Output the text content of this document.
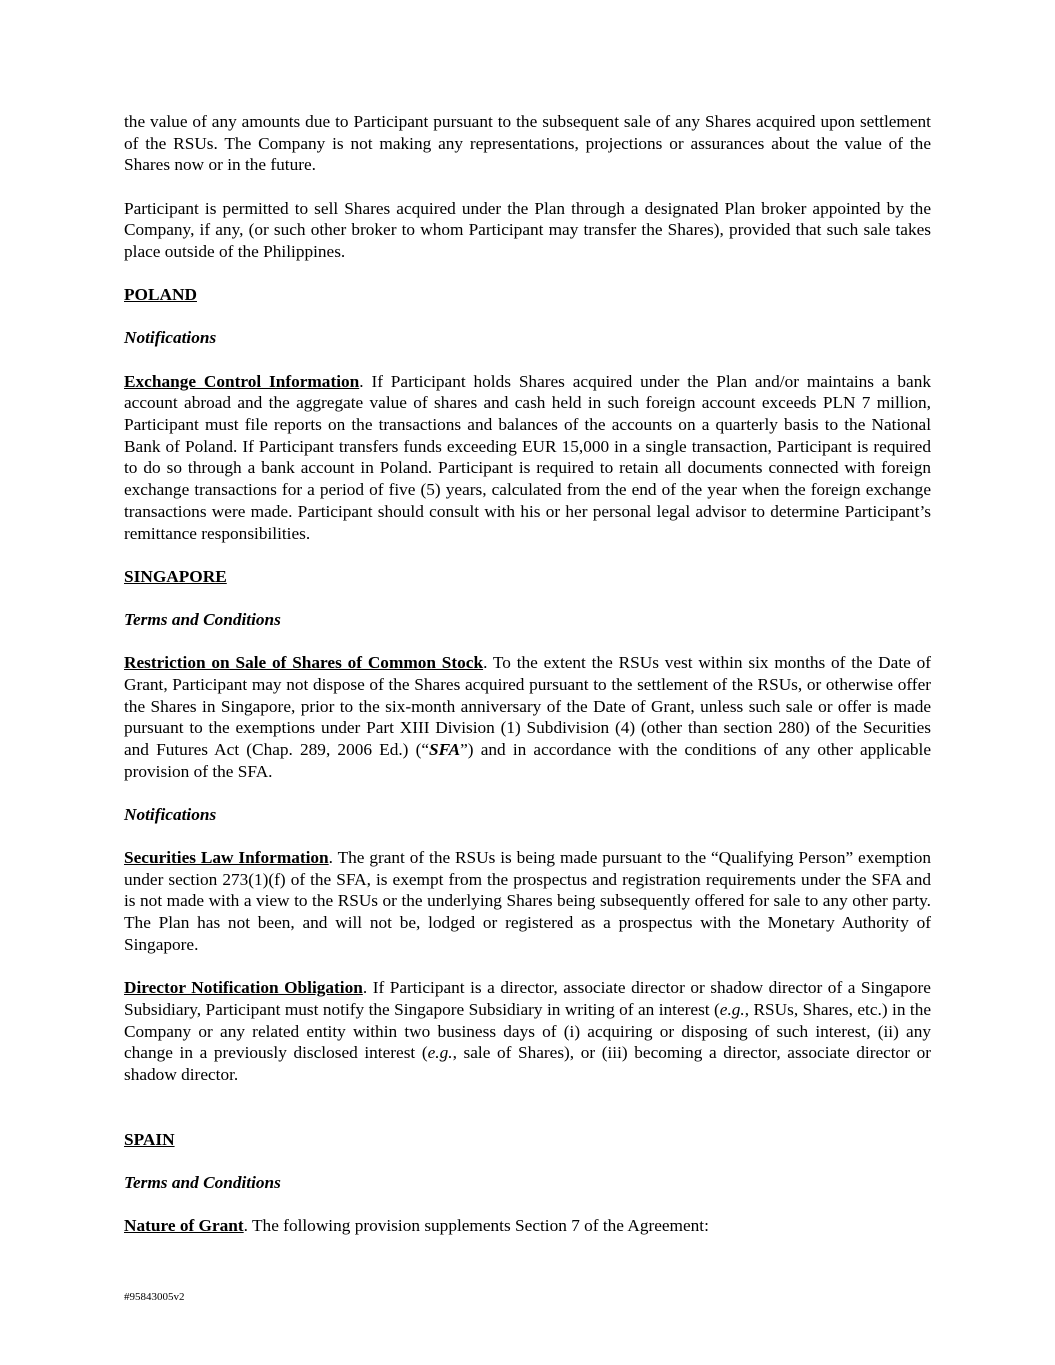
the value of any amounts due to Participant pursuant to the subsequent sale of any Shares acquired upon settlement of the RSUs. The Company is not making any representations, projections or assurances about the value of the Shares now or in the future.

Participant is permitted to sell Shares acquired under the Plan through a designated Plan broker appointed by the Company, if any, (or such other broker to whom Participant may transfer the Shares), provided that such sale takes place outside of the Philippines.

POLAND

Notifications

Exchange Control Information. If Participant holds Shares acquired under the Plan and/or maintains a bank account abroad and the aggregate value of shares and cash held in such foreign account exceeds PLN 7 million, Participant must file reports on the transactions and balances of the accounts on a quarterly basis to the National Bank of Poland. If Participant transfers funds exceeding EUR 15,000 in a single transaction, Participant is required to do so through a bank account in Poland. Participant is required to retain all documents connected with foreign exchange transactions for a period of five (5) years, calculated from the end of the year when the foreign exchange transactions were made. Participant should consult with his or her personal legal advisor to determine Participant’s remittance responsibilities.

SINGAPORE

Terms and Conditions

Restriction on Sale of Shares of Common Stock. To the extent the RSUs vest within six months of the Date of Grant, Participant may not dispose of the Shares acquired pursuant to the settlement of the RSUs, or otherwise offer the Shares in Singapore, prior to the six-month anniversary of the Date of Grant, unless such sale or offer is made pursuant to the exemptions under Part XIII Division (1) Subdivision (4) (other than section 280) of the Securities and Futures Act (Chap. 289, 2006 Ed.) (“SFA”) and in accordance with the conditions of any other applicable provision of the SFA.

Notifications

Securities Law Information. The grant of the RSUs is being made pursuant to the “Qualifying Person” exemption under section 273(1)(f) of the SFA, is exempt from the prospectus and registration requirements under the SFA and is not made with a view to the RSUs or the underlying Shares being subsequently offered for sale to any other party. The Plan has not been, and will not be, lodged or registered as a prospectus with the Monetary Authority of Singapore.

Director Notification Obligation. If Participant is a director, associate director or shadow director of a Singapore Subsidiary, Participant must notify the Singapore Subsidiary in writing of an interest (e.g., RSUs, Shares, etc.) in the Company or any related entity within two business days of (i) acquiring or disposing of such interest, (ii) any change in a previously disclosed interest (e.g., sale of Shares), or (iii) becoming a director, associate director or shadow director.

SPAIN

Terms and Conditions

Nature of Grant. The following provision supplements Section 7 of the Agreement:

#95843005v2
